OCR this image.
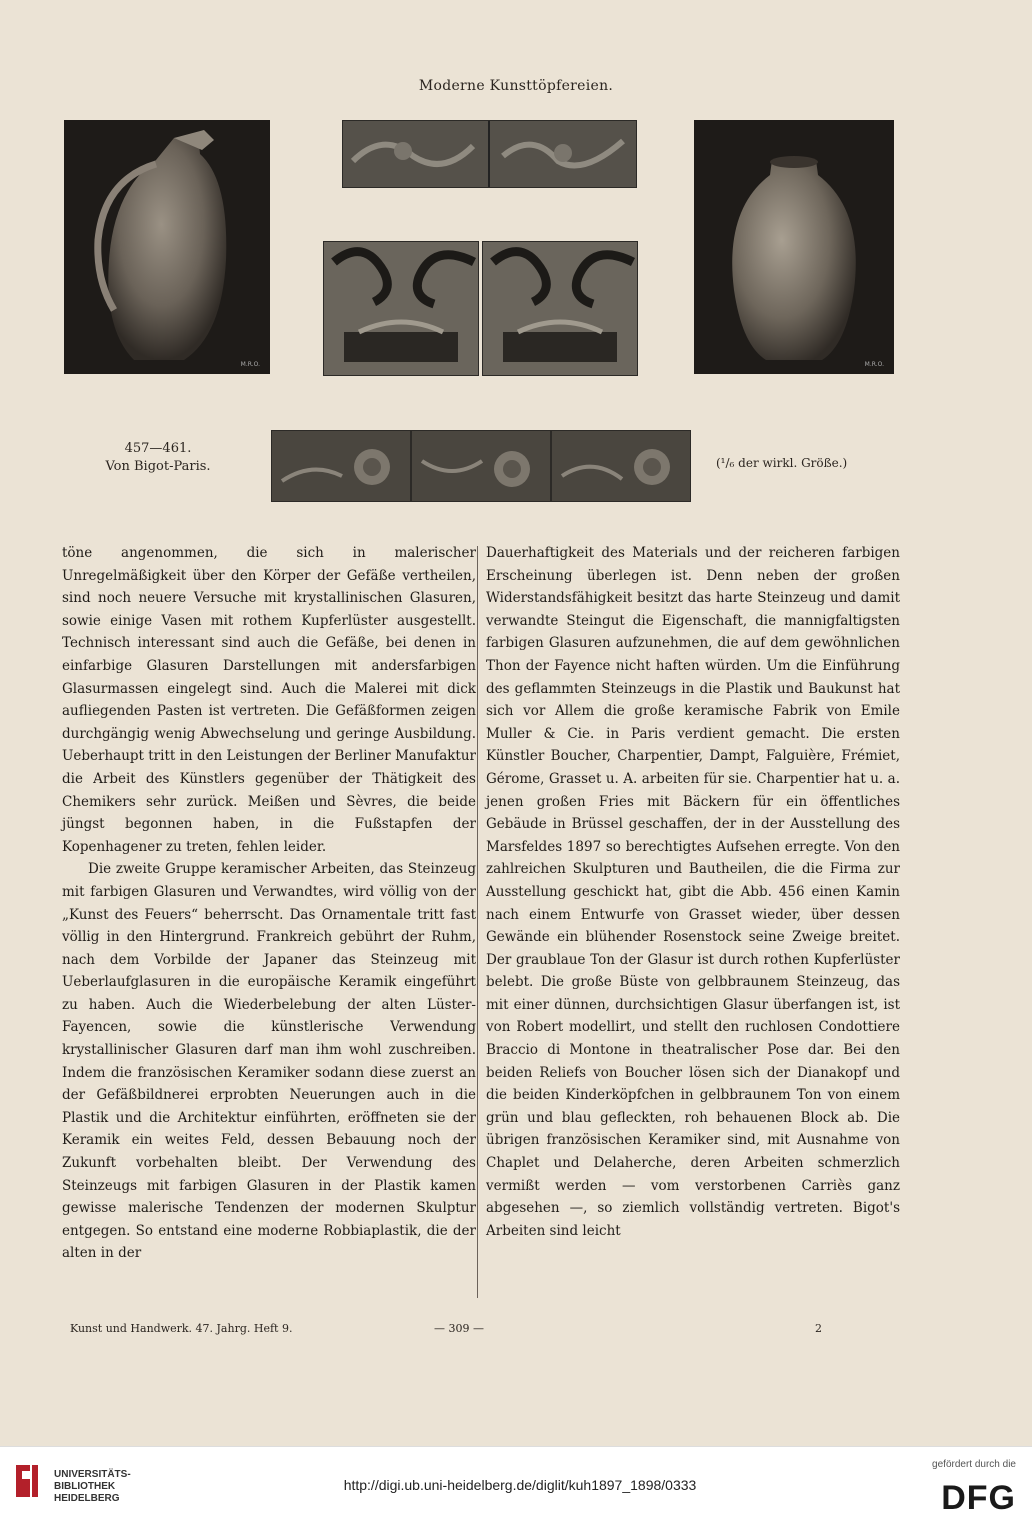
Moderne Kunsttöpfereien.
M.R.O.	M.R.O.
457—461.
Von Bigot-Paris.	(¹/₆ der wirkl. Größe.)

töne angenommen, die sich in malerischer Unregelmäßigkeit über den Körper der Gefäße vertheilen, sind noch neuere Versuche mit krystallinischen Glasuren, sowie einige Vasen mit rothem Kupferlüster ausgestellt. Technisch interessant sind auch die Gefäße, bei denen in einfarbige Glasuren Darstellungen mit andersfarbigen Glasurmassen eingelegt sind. Auch die Malerei mit dick aufliegenden Pasten ist vertreten. Die Gefäßformen zeigen durchgängig wenig Abwechselung und geringe Ausbildung. Ueberhaupt tritt in den Leistungen der Berliner Manufaktur die Arbeit des Künstlers gegenüber der Thätigkeit des Chemikers sehr zurück. Meißen und Sèvres, die beide jüngst begonnen haben, in die Fußstapfen der Kopenhagener zu treten, fehlen leider.

Die zweite Gruppe keramischer Arbeiten, das Steinzeug mit farbigen Glasuren und Verwandtes, wird völlig von der „Kunst des Feuers“ beherrscht. Das Ornamentale tritt fast völlig in den Hintergrund. Frankreich gebührt der Ruhm, nach dem Vorbilde der Japaner das Steinzeug mit Ueberlaufglasuren in die europäische Keramik eingeführt zu haben. Auch die Wiederbelebung der alten Lüster-Fayencen, sowie die künstlerische Verwendung krystallinischer Glasuren darf man ihm wohl zuschreiben. Indem die französischen Keramiker sodann diese zuerst an der Gefäßbildnerei erprobten Neuerungen auch in die Plastik und die Architektur einführten, eröffneten sie der Keramik ein weites Feld, dessen Bebauung noch der Zukunft vorbehalten bleibt. Der Verwendung des Steinzeugs mit farbigen Glasuren in der Plastik kamen gewisse malerische Tendenzen der modernen Skulptur entgegen. So entstand eine moderne Robbiaplastik, die der alten in der

Dauerhaftigkeit des Materials und der reicheren farbigen Erscheinung überlegen ist. Denn neben der großen Widerstandsfähigkeit besitzt das harte Steinzeug und damit verwandte Steingut die Eigenschaft, die mannigfaltigsten farbigen Glasuren aufzunehmen, die auf dem gewöhnlichen Thon der Fayence nicht haften würden. Um die Einführung des geflammten Steinzeugs in die Plastik und Baukunst hat sich vor Allem die große keramische Fabrik von Emile Muller & Cie. in Paris verdient gemacht. Die ersten Künstler Boucher, Charpentier, Dampt, Falguière, Frémiet, Gérome, Grasset u. A. arbeiten für sie. Charpentier hat u. a. jenen großen Fries mit Bäckern für ein öffentliches Gebäude in Brüssel geschaffen, der in der Ausstellung des Marsfeldes 1897 so berechtigtes Aufsehen erregte. Von den zahlreichen Skulpturen und Bautheilen, die die Firma zur Ausstellung geschickt hat, gibt die Abb. 456 einen Kamin nach einem Entwurfe von Grasset wieder, über dessen Gewände ein blühender Rosenstock seine Zweige breitet. Der graublaue Ton der Glasur ist durch rothen Kupferlüster belebt. Die große Büste von gelbbraunem Steinzeug, das mit einer dünnen, durchsichtigen Glasur überfangen ist, ist von Robert modellirt, und stellt den ruchlosen Condottiere Braccio di Montone in theatralischer Pose dar. Bei den beiden Reliefs von Boucher lösen sich der Dianakopf und die beiden Kinderköpfchen in gelbbraunem Ton von einem grün und blau gefleckten, roh behauenen Block ab. Die übrigen französischen Keramiker sind, mit Ausnahme von Chaplet und Delaherche, deren Arbeiten schmerzlich vermißt werden — vom verstorbenen Carriès ganz abgesehen —, so ziemlich vollständig vertreten. Bigot's Arbeiten sind leicht

Kunst und Handwerk. 47. Jahrg. Heft 9.	— 309 —	2
UNIVERSITÄTS-
BIBLIOTHEK
HEIDELBERG
http://digi.ub.uni-heidelberg.de/diglit/kuh1897_1898/0333
gefördert durch die
DFG
